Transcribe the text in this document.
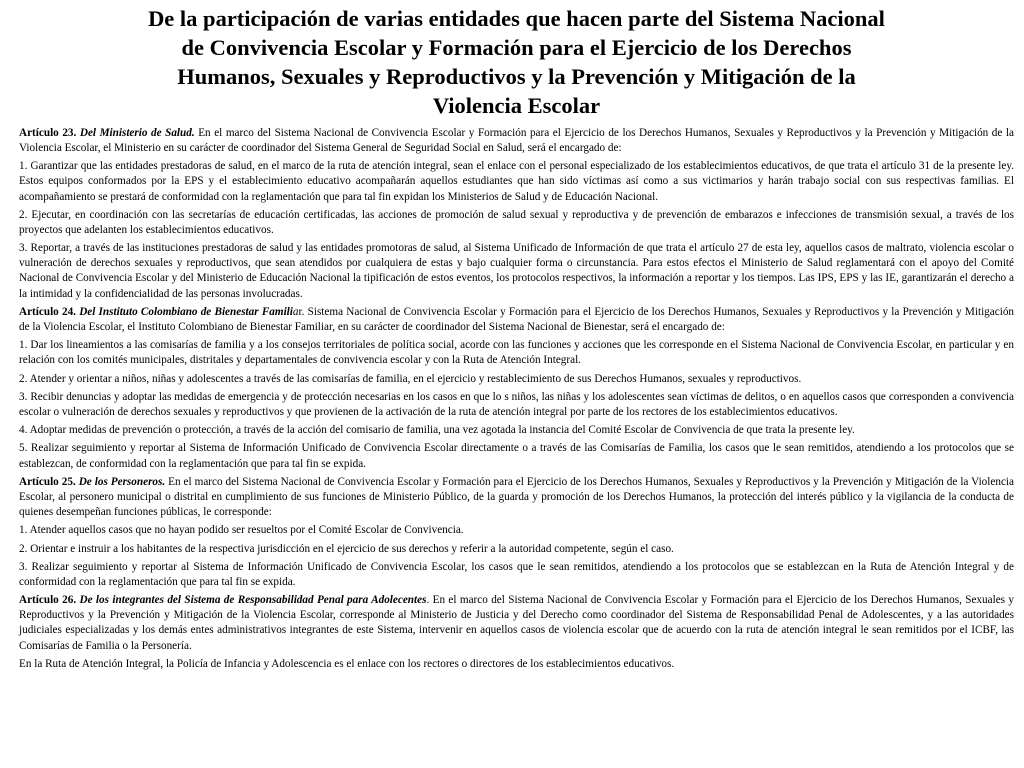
De la participación de varias entidades que hacen parte del Sistema Nacional
de Convivencia Escolar y Formación para el Ejercicio de los Derechos
Humanos, Sexuales y Reproductivos y la Prevención y Mitigación de la
Violencia Escolar

Artículo 23. Del Ministerio de Salud. En el marco del Sistema Nacional de Convivencia Escolar y Formación para el Ejercicio de los Derechos Humanos, Sexuales y Reproductivos y la Prevención y Mitigación de la Violencia Escolar, el Ministerio en su carácter de coordinador del Sistema General de Seguridad Social en Salud, será el encargado de:

1. Garantizar que las entidades prestadoras de salud, en el marco de la ruta de atención integral, sean el enlace con el personal especializado de los establecimientos educativos, de que trata el artículo 31 de la presente ley. Estos equipos conformados por la EPS y el establecimiento educativo acompañarán aquellos estudiantes que han sido víctimas así como a sus victimarios y harán trabajo social con sus respectivas familias. El acompañamiento se prestará de conformidad con la reglamentación que para tal fin expidan los Ministerios de Salud y de Educación Nacional.

2. Ejecutar, en coordinación con las secretarías de educación certificadas, las acciones de promoción de salud sexual y reproductiva y de prevención de embarazos e infecciones de transmisión sexual, a través de los proyectos que adelanten los establecimientos educativos.

3. Reportar, a través de las instituciones prestadoras de salud y las entidades promotoras de salud, al Sistema Unificado de Información de que trata el artículo 27 de esta ley, aquellos casos de maltrato, violencia escolar o vulneración de derechos sexuales y reproductivos, que sean atendidos por cualquiera de estas y bajo cualquier forma o circunstancia. Para estos efectos el Ministerio de Salud reglamentará con el apoyo del Comité Nacional de Convivencia Escolar y del Ministerio de Educación Nacional la tipificación de estos eventos, los protocolos respectivos, la información a reportar y los tiempos. Las IPS, EPS y las IE, garantizarán el derecho a la intimidad y la confidencialidad de las personas involucradas.

Artículo 24. Del Instituto Colombiano de Bienestar Familiar. Sistema Nacional de Convivencia Escolar y Formación para el Ejercicio de los Derechos Humanos, Sexuales y Reproductivos y la Prevención y Mitigación de la Violencia Escolar, el Instituto Colombiano de Bienestar Familiar, en su carácter de coordinador del Sistema Nacional de Bienestar, será el encargado de:

1. Dar los lineamientos a las comisarías de familia y a los consejos territoriales de política social, acorde con las funciones y acciones que les corresponde en el Sistema Nacional de Convivencia Escolar, en particular y en relación con los comités municipales, distritales y departamentales de convivencia escolar y con la Ruta de Atención Integral.

2. Atender y orientar a niños, niñas y adolescentes a través de las comisarías de familia, en el ejercicio y restablecimiento de sus Derechos Humanos, sexuales y reproductivos.

3. Recibir denuncias y adoptar las medidas de emergencia y de protección necesarias en los casos en que lo s niños, las niñas y los adolescentes sean víctimas de delitos, o en aquellos casos que corresponden a convivencia escolar o vulneración de derechos sexuales y reproductivos y que provienen de la activación de la ruta de atención integral por parte de los rectores de los establecimientos educativos.

4. Adoptar medidas de prevención o protección, a través de la acción del comisario de familia, una vez agotada la instancia del Comité Escolar de Convivencia de que trata la presente ley.

5. Realizar seguimiento y reportar al Sistema de Información Unificado de Convivencia Escolar directamente o a través de las Comisarías de Familia, los casos que le sean remitidos, atendiendo a los protocolos que se establezcan, de conformidad con la reglamentación que para tal fin se expida.

Artículo 25. De los Personeros. En el marco del Sistema Nacional de Convivencia Escolar y Formación para el Ejercicio de los Derechos Humanos, Sexuales y Reproductivos y la Prevención y Mitigación de la Violencia Escolar, al personero municipal o distrital en cumplimiento de sus funciones de Ministerio Público, de la guarda y promoción de los Derechos Humanos, la protección del interés público y la vigilancia de la conducta de quienes desempeñan funciones públicas, le corresponde:

1. Atender aquellos casos que no hayan podido ser resueltos por el Comité Escolar de Convivencia.

2. Orientar e instruir a los habitantes de la respectiva jurisdicción en el ejercicio de sus derechos y referir a la autoridad competente, según el caso.

3. Realizar seguimiento y reportar al Sistema de Información Unificado de Convivencia Escolar, los casos que le sean remitidos, atendiendo a los protocolos que se establezcan en la Ruta de Atención Integral y de conformidad con la reglamentación que para tal fin se expida.

Artículo 26. De los integrantes del Sistema de Responsabilidad Penal para Adolecentes. En el marco del Sistema Nacional de Convivencia Escolar y Formación para el Ejercicio de los Derechos Humanos, Sexuales y Reproductivos y la Prevención y Mitigación de la Violencia Escolar, corresponde al Ministerio de Justicia y del Derecho como coordinador del Sistema de Responsabilidad Penal de Adolescentes, y a las autoridades judiciales especializadas y los demás entes administrativos integrantes de este Sistema, intervenir en aquellos casos de violencia escolar que de acuerdo con la ruta de atención integral le sean remitidos por el ICBF, las Comisarías de Familia o la Personería.

En la Ruta de Atención Integral, la Policía de Infancia y Adolescencia es el enlace con los rectores o directores de los establecimientos educativos.
